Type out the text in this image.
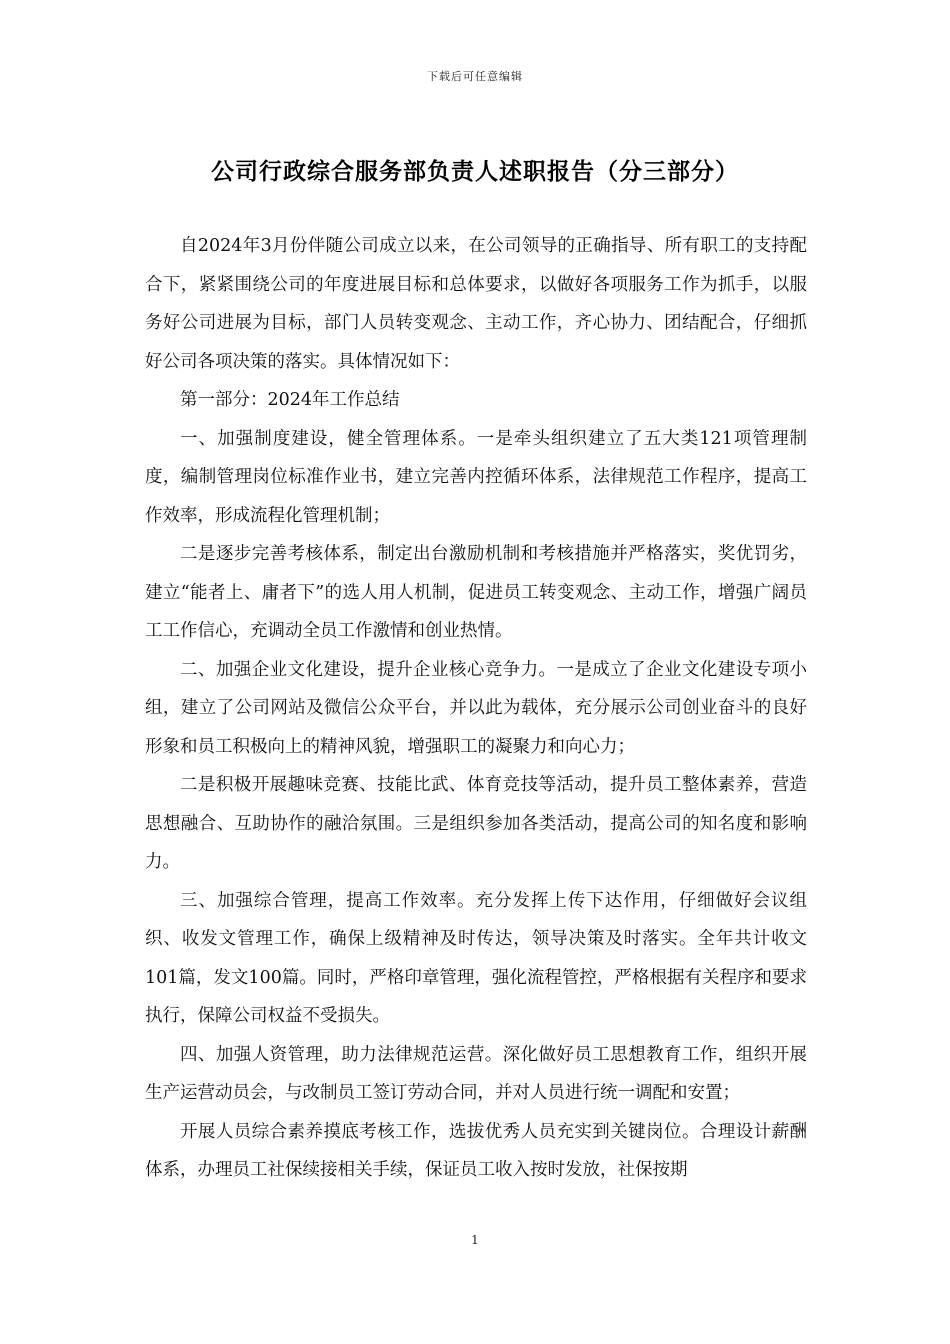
下载后可任意编辑
公司行政综合服务部负责人述职报告（分三部分）

自2024年3月份伴随公司成立以来，在公司领导的正确指导、所有职工的支持配合下，紧紧围绕公司的年度进展目标和总体要求，以做好各项服务工作为抓手，以服务好公司进展为目标，部门人员转变观念、主动工作，齐心协力、团结配合，仔细抓好公司各项决策的落实。具体情况如下：

第一部分：2024年工作总结

一、加强制度建设，健全管理体系。一是牵头组织建立了五大类121项管理制度，编制管理岗位标准作业书，建立完善内控循环体系，法律规范工作程序，提高工作效率，形成流程化管理机制；

二是逐步完善考核体系，制定出台激励机制和考核措施并严格落实，奖优罚劣，建立“能者上、庸者下”的选人用人机制，促进员工转变观念、主动工作，增强广阔员工工作信心，充调动全员工作激情和创业热情。

二、加强企业文化建设，提升企业核心竞争力。一是成立了企业文化建设专项小组，建立了公司网站及微信公众平台，并以此为载体，充分展示公司创业奋斗的良好形象和员工积极向上的精神风貌，增强职工的凝聚力和向心力；

二是积极开展趣味竞赛、技能比武、体育竞技等活动，提升员工整体素养，营造思想融合、互助协作的融洽氛围。三是组织参加各类活动，提高公司的知名度和影响力。

三、加强综合管理，提高工作效率。充分发挥上传下达作用，仔细做好会议组织、收发文管理工作，确保上级精神及时传达，领导决策及时落实。全年共计收文101篇，发文100篇。同时，严格印章管理，强化流程管控，严格根据有关程序和要求执行，保障公司权益不受损失。

四、加强人资管理，助力法律规范运营。深化做好员工思想教育工作，组织开展生产运营动员会，与改制员工签订劳动合同，并对人员进行统一调配和安置；

开展人员综合素养摸底考核工作，选拔优秀人员充实到关键岗位。合理设计薪酬体系，办理员工社保续接相关手续，保证员工收入按时发放，社保按期

1
